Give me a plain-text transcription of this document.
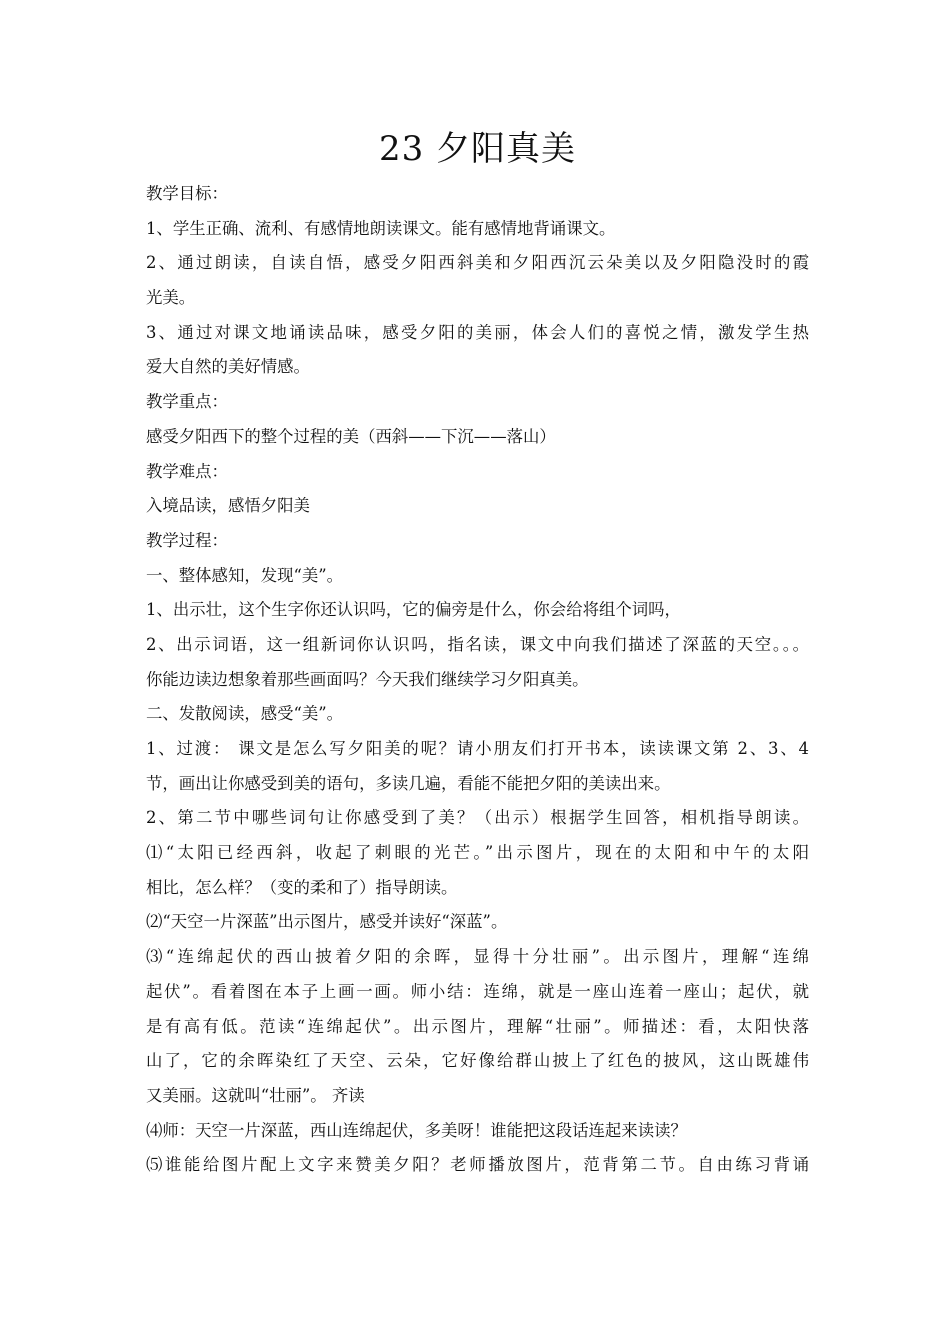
23 夕阳真美
教学目标：
1、学生正确、流利、有感情地朗读课文。能有感情地背诵课文。
2、通过朗读，自读自悟，感受夕阳西斜美和夕阳西沉云朵美以及夕阳隐没时的霞
光美。
3、通过对课文地诵读品味，感受夕阳的美丽，体会人们的喜悦之情，激发学生热
爱大自然的美好情感。
教学重点：
感受夕阳西下的整个过程的美（西斜——下沉——落山）
教学难点：
入境品读，感悟夕阳美
教学过程：
一、整体感知，发现“美”。
1、出示壮，这个生字你还认识吗，它的偏旁是什么，你会给将组个词吗，
2、出示词语，这一组新词你认识吗，指名读，课文中向我们描述了深蓝的天空。。。
你能边读边想象着那些画面吗？今天我们继续学习夕阳真美。
二、发散阅读，感受“美”。
1、过渡： 课文是怎么写夕阳美的呢？请小朋友们打开书本，读读课文第 2、3、4
节，画出让你感受到美的语句，多读几遍，看能不能把夕阳的美读出来。
2、第二节中哪些词句让你感受到了美？（出示）根据学生回答，相机指导朗读。
⑴“太阳已经西斜，收起了刺眼的光芒。”出示图片，现在的太阳和中午的太阳
相比，怎么样？（变的柔和了）指导朗读。
⑵“天空一片深蓝”出示图片，感受并读好“深蓝”。
⑶“连绵起伏的西山披着夕阳的余晖，显得十分壮丽”。出示图片，理解“连绵
起伏”。看着图在本子上画一画。师小结：连绵，就是一座山连着一座山；起伏，就
是有高有低。范读“连绵起伏”。出示图片，理解“壮丽”。师描述：看，太阳快落
山了，它的余晖染红了天空、云朵，它好像给群山披上了红色的披风，这山既雄伟
又美丽。这就叫“壮丽”。 齐读
⑷师：天空一片深蓝，西山连绵起伏，多美呀！谁能把这段话连起来读读？
⑸谁能给图片配上文字来赞美夕阳？老师播放图片，范背第二节。自由练习背诵
